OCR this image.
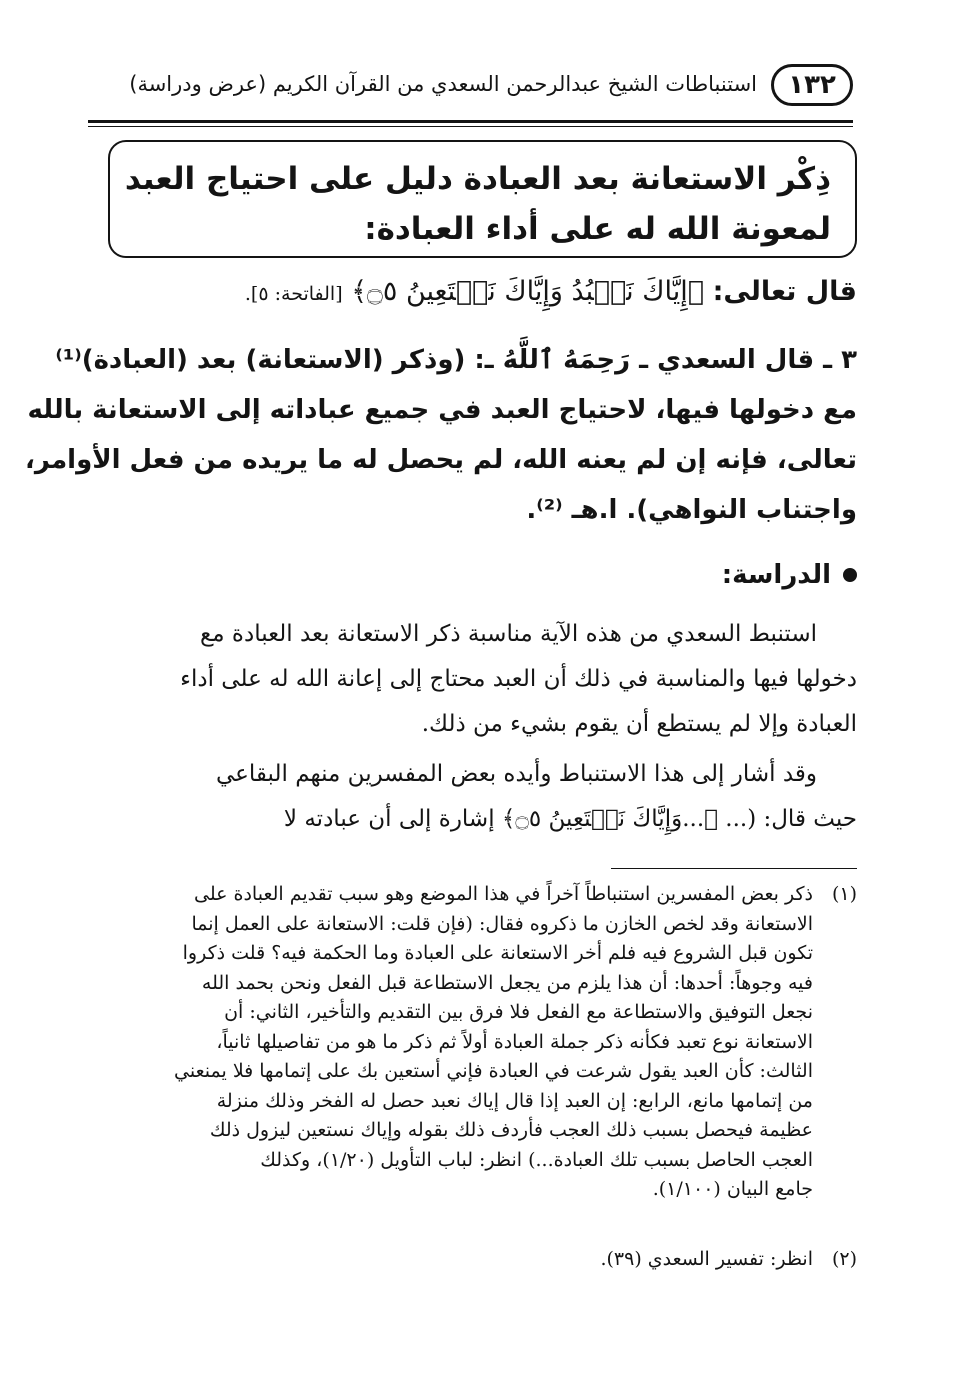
١٣٢
استنباطات الشيخ عبدالرحمن السعدي من القرآن الكريم (عرض ودراسة)
ذِكْر الاستعانة بعد العبادة دليل على احتياج العبد
لمعونة الله له على أداء العبادة:
قال تعالى: ﴿إِيَّاكَ نَعۡبُدُ وَإِيَّاكَ نَسۡتَعِينُ ۝٥﴾ [الفاتحة: ٥].
٣ ـ قال السعدي ـ رَحِمَهُ ٱللَّهُ ـ: (وذكر (الاستعانة) بعد (العبادة)⁽¹⁾
مع دخولها فيها، لاحتياج العبد في جميع عباداته إلى الاستعانة بالله
تعالى، فإنه إن لم يعنه الله، لم يحصل له ما يريده من فعل الأوامر،
واجتناب النواهي). ا.هـ ⁽²⁾.
الدراسة:
استنبط السعدي من هذه الآية مناسبة ذكر الاستعانة بعد العبادة مع
دخولها فيها والمناسبة في ذلك أن العبد محتاج إلى إعانة الله له على أداء
العبادة وإلا لم يستطع أن يقوم بشيء من ذلك.
وقد أشار إلى هذا الاستنباط وأيده بعض المفسرين منهم البقاعي
حيث قال: (... ﴿...وَإِيَّاكَ نَسۡتَعِينُ ۝٥﴾ إشارة إلى أن عبادته لا
(١)ذكر بعض المفسرين استنباطاً آخراً في هذا الموضع وهو سبب تقديم العبادة على
الاستعانة وقد لخص الخازن ما ذكروه فقال: (فإن قلت: الاستعانة على العمل إنما
تكون قبل الشروع فيه فلم أخر الاستعانة على العبادة وما الحكمة فيه؟ قلت ذكروا
فيه وجوهاً: أحدها: أن هذا يلزم من يجعل الاستطاعة قبل الفعل ونحن بحمد الله
نجعل التوفيق والاستطاعة مع الفعل فلا فرق بين التقديم والتأخير، الثاني: أن
الاستعانة نوع تعبد فكأنه ذكر جملة العبادة أولاً ثم ذكر ما هو من تفاصيلها ثانياً،
الثالث: كأن العبد يقول شرعت في العبادة فإني أستعين بك على إتمامها فلا يمنعني
من إتمامها مانع، الرابع: إن العبد إذا قال إياك نعبد حصل له الفخر وذلك منزلة
عظيمة فيحصل بسبب ذلك العجب فأردف ذلك بقوله وإياك نستعين ليزول ذلك
العجب الحاصل بسبب تلك العبادة...) انظر: لباب التأويل (١/٢٠)، وكذلك
جامع البيان (١/١٠٠).
(٢)انظر: تفسير السعدي (٣٩).
